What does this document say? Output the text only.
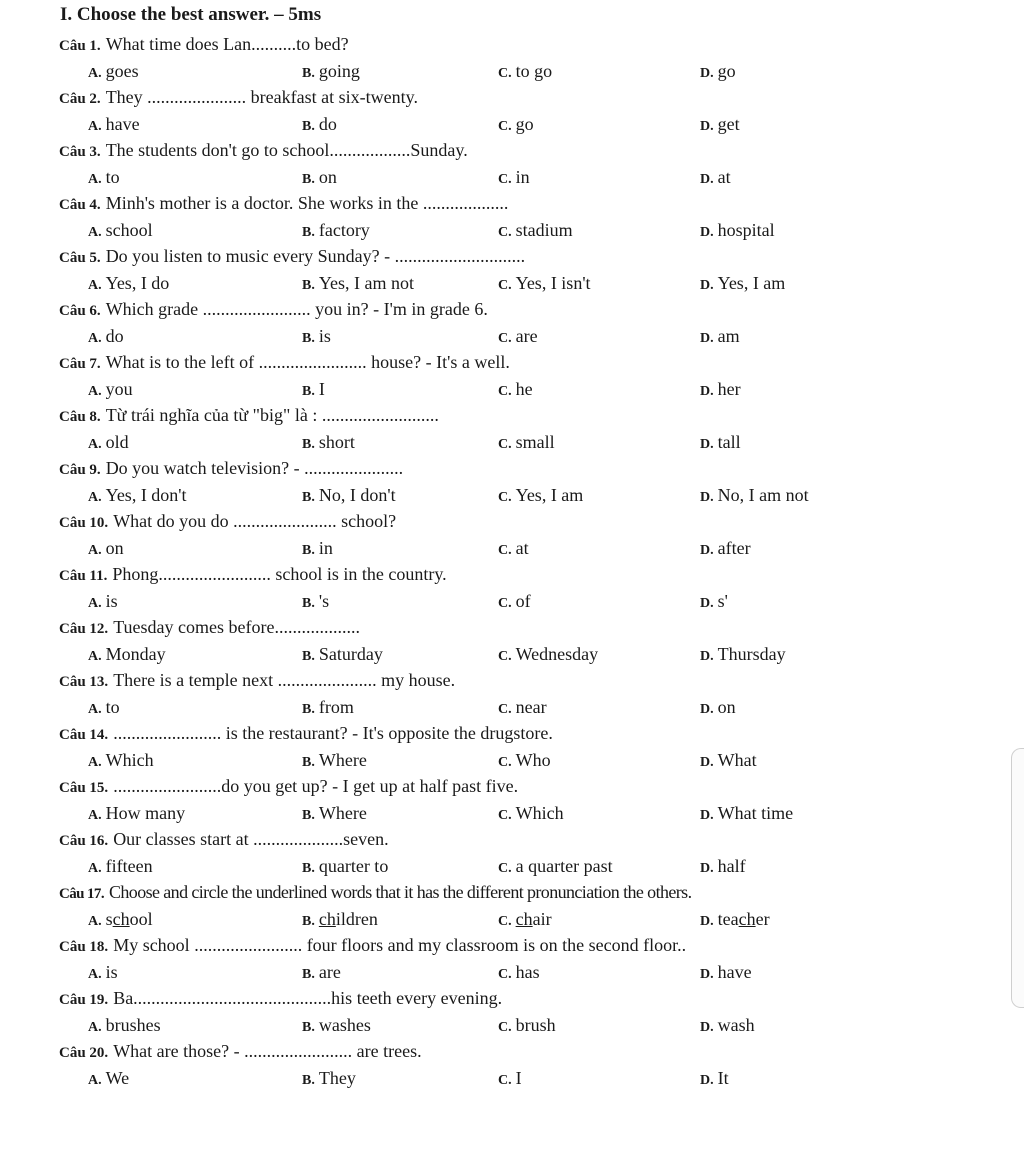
I. Choose the best answer. – 5ms
Câu 1. What time does Lan..........to bed?
A. goes	B. going	C. to go	D. go
Câu 2. They ...................... breakfast at six-twenty.
A. have	B. do	C. go	D. get
Câu 3. The students don't go to school..................Sunday.
A. to	B. on	C. in	D. at
Câu 4. Minh's mother is a doctor. She works in the ...................
A. school	B. factory	C. stadium	D. hospital
Câu 5. Do you listen to music every Sunday? - .............................
A. Yes, I do	B. Yes, I am not	C. Yes, I isn't	D. Yes, I am
Câu 6. Which grade ........................ you in? - I'm in grade 6.
A. do	B. is	C. are	D. am
Câu 7. What is to the left of ........................ house? - It's a well.
A. you	B. I	C. he	D. her
Câu 8. Từ trái nghĩa của từ "big" là : ..........................
A. old	B. short	C. small	D. tall
Câu 9. Do you watch television? - ......................
A. Yes, I don't	B. No, I don't	C. Yes, I am	D. No, I am not
Câu 10. What do you do ....................... school?
A. on	B. in	C. at	D. after
Câu 11. Phong......................... school is in the country.
A. is	B. 's	C. of	D. s'
Câu 12. Tuesday comes before...................
A. Monday	B. Saturday	C. Wednesday	D. Thursday
Câu 13. There is a temple next ...................... my house.
A. to	B. from	C. near	D. on
Câu 14. ........................ is the restaurant? - It's opposite the drugstore.
A. Which	B. Where	C. Who	D. What
Câu 15. ........................do you get up? - I get up at half past five.
A. How many	B. Where	C. Which	D. What time
Câu 16. Our classes start at ....................seven.
A. fifteen	B. quarter to	C. a quarter past	D. half
Câu 17. Choose and circle the underlined words that it has the different pronunciation the others.
A. school	B. children	C. chair	D. teacher
Câu 18. My school ........................ four floors and my classroom is on the second floor..
A. is	B. are	C. has	D. have
Câu 19. Ba............................................his teeth every evening.
A. brushes	B. washes	C. brush	D. wash
Câu 20. What are those? - ........................ are trees.
A. We	B. They	C. I	D. It
